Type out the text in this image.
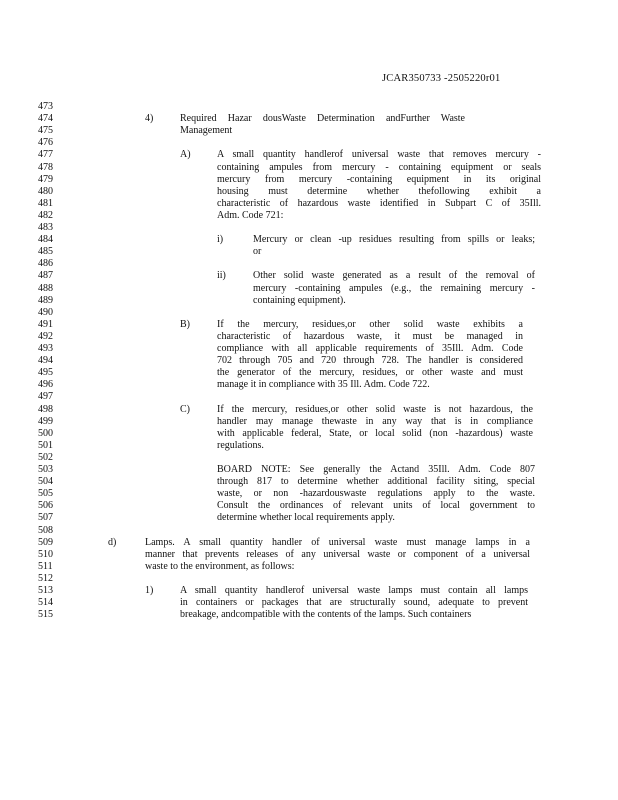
JCAR350733 -2505220r01
473
474
475
476
477
478
479
480
481
482
483
484
485
486
487
488
489
490
491
492
493
494
495
496
497
498
499
500
501
502
503
504
505
506
507
508
509
510
511
512
513
514
515
4)	Required Hazar dousWaste Determination andFurther Waste
Management
A)	A small quantity handlerof universal waste that removes mercury -
containing ampules from mercury - containing equipment or seals
mercury from mercury -containing equipment in its original
housing must determine whether thefollowing exhibit a
characteristic of hazardous waste identified in Subpart C of 35Ill.
Adm. Code 721:
i)	Mercury or clean -up residues resulting from spills or leaks;
or
ii)	Other solid waste generated as a result of the removal of
mercury -containing ampules (e.g., the remaining mercury -
containing equipment).
B)	If the mercury, residues,or other solid waste exhibits a
characteristic of hazardous waste, it must be managed in
compliance with all applicable requirements of 35Ill. Adm. Code
702 through 705 and 720 through 728. The handler is considered
the generator of the mercury, residues, or other waste and must
manage it in compliance with 35 Ill. Adm. Code 722.
C)	If the mercury, residues,or other solid waste is not hazardous, the
handler may manage thewaste in any way that is in compliance
with applicable federal, State, or local solid (non -hazardous) waste
regulations.
BOARD NOTE: See generally the Actand 35Ill. Adm. Code 807
through 817 to determine whether additional facility siting, special
waste, or non -hazardouswaste regulations apply to the waste.
Consult the ordinances of relevant units of local government to
determine whether local requirements apply.
d)	Lamps. A small quantity handler of universal waste must manage lamps in a
manner that prevents releases of any universal waste or component of a universal
waste to the environment, as follows:
1)	A small quantity handlerof universal waste lamps must contain all lamps
in containers or packages that are structurally sound, adequate to prevent
breakage, andcompatible with the contents of the lamps. Such containers
